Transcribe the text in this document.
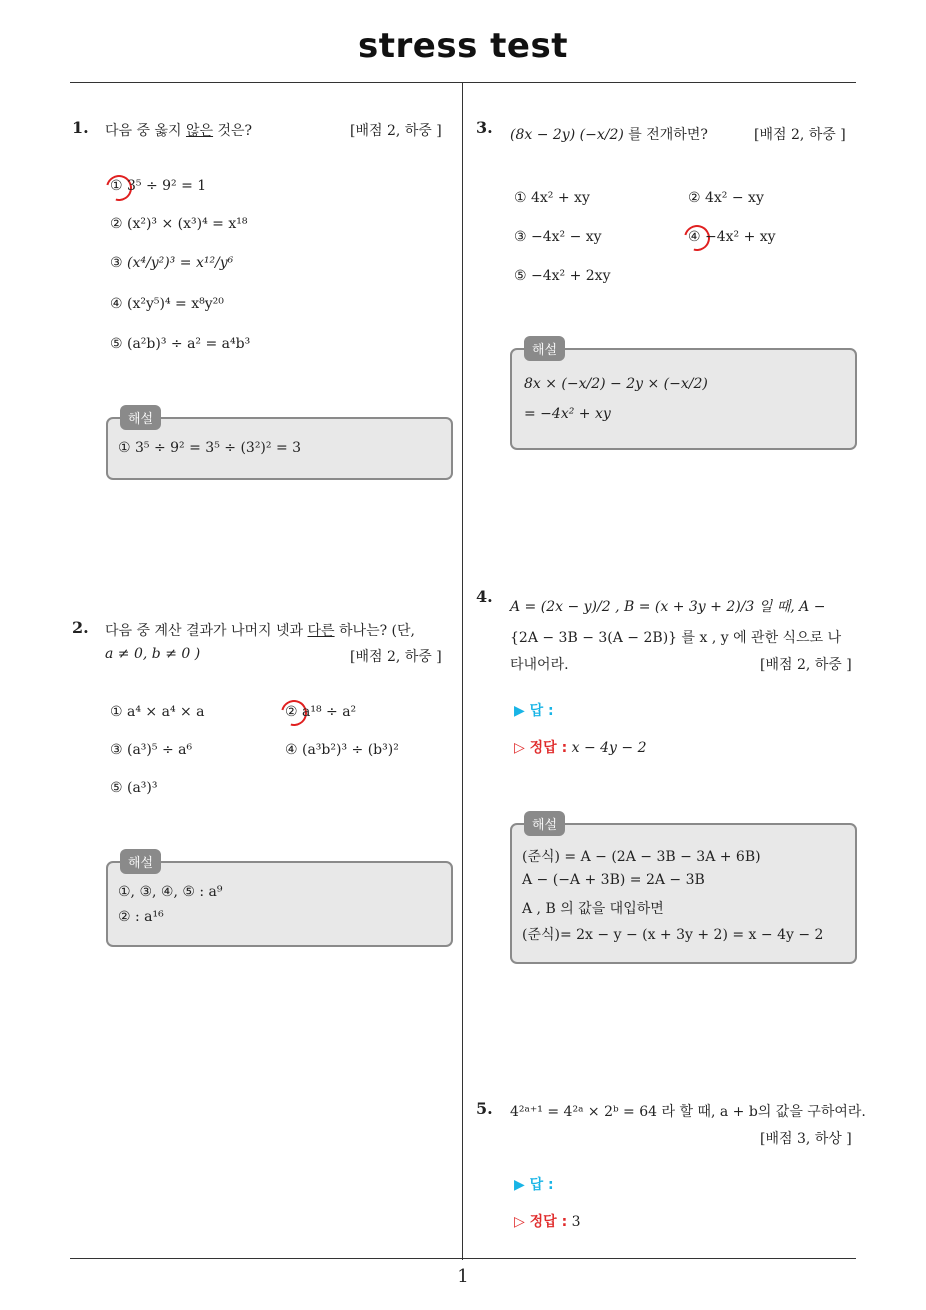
stress test
1
1. 다음 중 옳지 않은 것은?	[배점 2, 하중 ]
① 3⁵ ÷ 9² = 1
② (x²)³ × (x³)⁴ = x¹⁸
③ (x⁴/y²)³ = x¹²/y⁶
④ (x²y⁵)⁴ = x⁸y²⁰
⑤ (a²b)³ ÷ a² = a⁴b³
해설
① 3⁵ ÷ 9² = 3⁵ ÷ (3²)² = 3
2. 다음 중 계산 결과가 나머지 넷과 다른 하나는? (단,
a ≠ 0, b ≠ 0 )	[배점 2, 하중 ]
① a⁴ × a⁴ × a	② a¹⁸ ÷ a²
③ (a³)⁵ ÷ a⁶	④ (a³b²)³ ÷ (b³)²
⑤ (a³)³
해설
①, ③, ④, ⑤ : a⁹
② : a¹⁶
3. (8x − 2y) (−x/2) 를 전개하면?	[배점 2, 하중 ]
① 4x² + xy	② 4x² − xy
③ −4x² − xy	④ −4x² + xy
⑤ −4x² + 2xy
해설
8x × (−x/2) − 2y × (−x/2)
= −4x² + xy
4.
A = (2x − y)/2 , B = (x + 3y + 2)/3 일 때, A −
{2A − 3B − 3(A − 2B)} 를 x , y 에 관한 식으로 나
타내어라.	[배점 2, 하중 ]
▶ 답 :
▷ 정답 : x − 4y − 2
해설
(준식) = A − (2A − 3B − 3A + 6B)
A − (−A + 3B) = 2A − 3B
A , B 의 값을 대입하면
(준식)= 2x − y − (x + 3y + 2) = x − 4y − 2
5. 4²ᵃ⁺¹ = 4²ᵃ × 2ᵇ = 64 라 할 때, a + b의 값을 구하여라.
[배점 3, 하상 ]
▶ 답 :
▷ 정답 : 3
